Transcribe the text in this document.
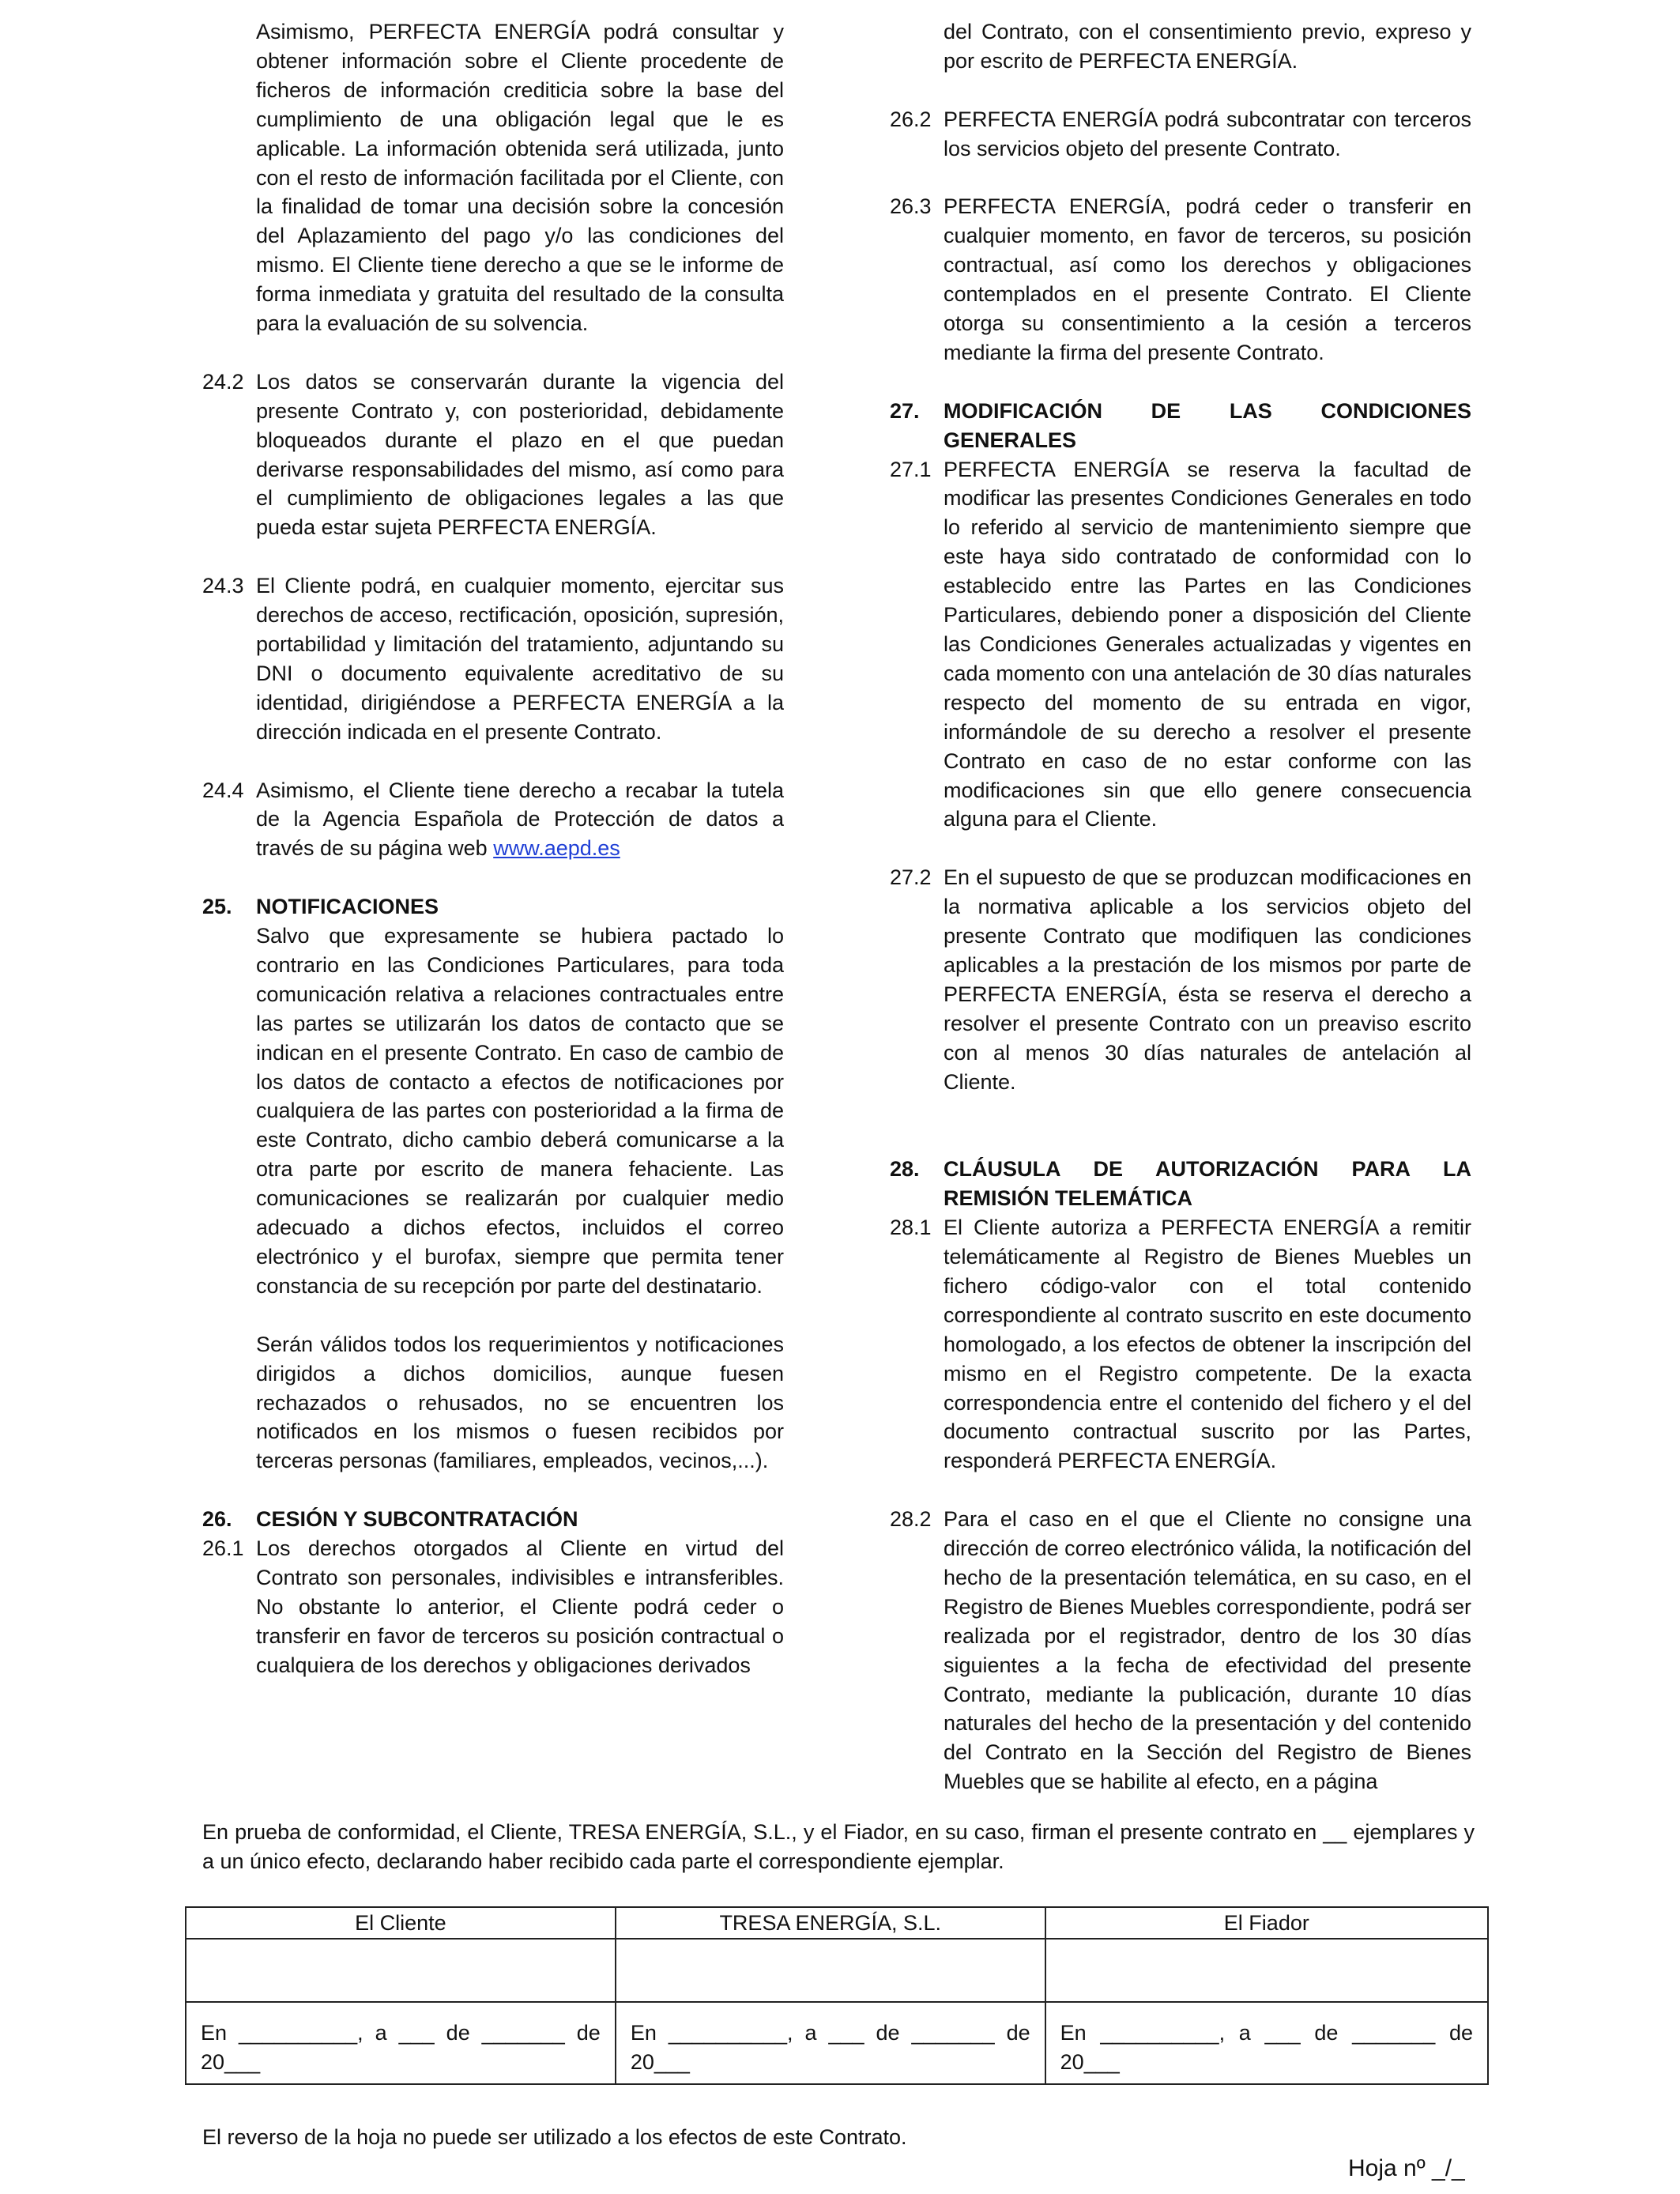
Asimismo, PERFECTA ENERGÍA podrá consultar y obtener información sobre el Cliente procedente de ficheros de información crediticia sobre la base del cumplimiento de una obligación legal que le es aplicable. La información obtenida será utilizada, junto con el resto de información facilitada por el Cliente, con la finalidad de tomar una decisión sobre la concesión del Aplazamiento del pago y/o las condiciones del mismo. El Cliente tiene derecho a que se le informe de forma inmediata y gratuita del resultado de la consulta para la evaluación de su solvencia.

24.2 Los datos se conservarán durante la vigencia del presente Contrato y, con posterioridad, debidamente bloqueados durante el plazo en el que puedan derivarse responsabilidades del mismo, así como para el cumplimiento de obligaciones legales a las que pueda estar sujeta PERFECTA ENERGÍA.

24.3 El Cliente podrá, en cualquier momento, ejercitar sus derechos de acceso, rectificación, oposición, supresión, portabilidad y limitación del tratamiento, adjuntando su DNI o documento equivalente acreditativo de su identidad, dirigiéndose a PERFECTA ENERGÍA a la dirección indicada en el presente Contrato.

24.4 Asimismo, el Cliente tiene derecho a recabar la tutela de la Agencia Española de Protección de datos a través de su página web www.aepd.es

25. NOTIFICACIONES

Salvo que expresamente se hubiera pactado lo contrario en las Condiciones Particulares, para toda comunicación relativa a relaciones contractuales entre las partes se utilizarán los datos de contacto que se indican en el presente Contrato. En caso de cambio de los datos de contacto a efectos de notificaciones por cualquiera de las partes con posterioridad a la firma de este Contrato, dicho cambio deberá comunicarse a la otra parte por escrito de manera fehaciente. Las comunicaciones se realizarán por cualquier medio adecuado a dichos efectos, incluidos el correo electrónico y el burofax, siempre que permita tener constancia de su recepción por parte del destinatario.

Serán válidos todos los requerimientos y notificaciones dirigidos a dichos domicilios, aunque fuesen rechazados o rehusados, no se encuentren los notificados en los mismos o fuesen recibidos por terceras personas (familiares, empleados, vecinos,...).

26. CESIÓN Y SUBCONTRATACIÓN

26.1 Los derechos otorgados al Cliente en virtud del Contrato son personales, indivisibles e intransferibles. No obstante lo anterior, el Cliente podrá ceder o transferir en favor de terceros su posición contractual o cualquiera de los derechos y obligaciones derivados

del Contrato, con el consentimiento previo, expreso y por escrito de PERFECTA ENERGÍA.

26.2 PERFECTA ENERGÍA podrá subcontratar con terceros los servicios objeto del presente Contrato.

26.3 PERFECTA ENERGÍA, podrá ceder o transferir en cualquier momento, en favor de terceros, su posición contractual, así como los derechos y obligaciones contemplados en el presente Contrato. El Cliente otorga su consentimiento a la cesión a terceros mediante la firma del presente Contrato.

27. MODIFICACIÓN DE LAS CONDICIONES GENERALES

27.1 PERFECTA ENERGÍA se reserva la facultad de modificar las presentes Condiciones Generales en todo lo referido al servicio de mantenimiento siempre que este haya sido contratado de conformidad con lo establecido entre las Partes en las Condiciones Particulares, debiendo poner a disposición del Cliente las Condiciones Generales actualizadas y vigentes en cada momento con una antelación de 30 días naturales respecto del momento de su entrada en vigor, informándole de su derecho a resolver el presente Contrato en caso de no estar conforme con las modificaciones sin que ello genere consecuencia alguna para el Cliente.

27.2 En el supuesto de que se produzcan modificaciones en la normativa aplicable a los servicios objeto del presente Contrato que modifiquen las condiciones aplicables a la prestación de los mismos por parte de PERFECTA ENERGÍA, ésta se reserva el derecho a resolver el presente Contrato con un preaviso escrito con al menos 30 días naturales de antelación al Cliente.

28. CLÁUSULA DE AUTORIZACIÓN PARA LA REMISIÓN TELEMÁTICA

28.1 El Cliente autoriza a PERFECTA ENERGÍA a remitir telemáticamente al Registro de Bienes Muebles un fichero código-valor con el total contenido correspondiente al contrato suscrito en este documento homologado, a los efectos de obtener la inscripción del mismo en el Registro competente. De la exacta correspondencia entre el contenido del fichero y el del documento contractual suscrito por las Partes, responderá PERFECTA ENERGÍA.

28.2 Para el caso en el que el Cliente no consigne una dirección de correo electrónico válida, la notificación del hecho de la presentación telemática, en su caso, en el Registro de Bienes Muebles correspondiente, podrá ser realizada por el registrador, dentro de los 30 días siguientes a la fecha de efectividad del presente Contrato, mediante la publicación, durante 10 días naturales del hecho de la presentación y del contenido del Contrato en la Sección del Registro de Bienes Muebles que se habilite al efecto, en a página

En prueba de conformidad, el Cliente, TRESA ENERGÍA, S.L., y el Fiador, en su caso, firman el presente contrato en __ ejemplares y a un único efecto, declarando haber recibido cada parte el correspondiente ejemplar.
El Cliente	TRESA ENERGÍA, S.L.	El Fiador

En __________, a ___ de _______ de 20___	En __________, a ___ de _______ de 20___	En __________, a ___ de _______ de 20___
El reverso de la hoja no puede ser utilizado a los efectos de este Contrato.
Hoja nº _/_
